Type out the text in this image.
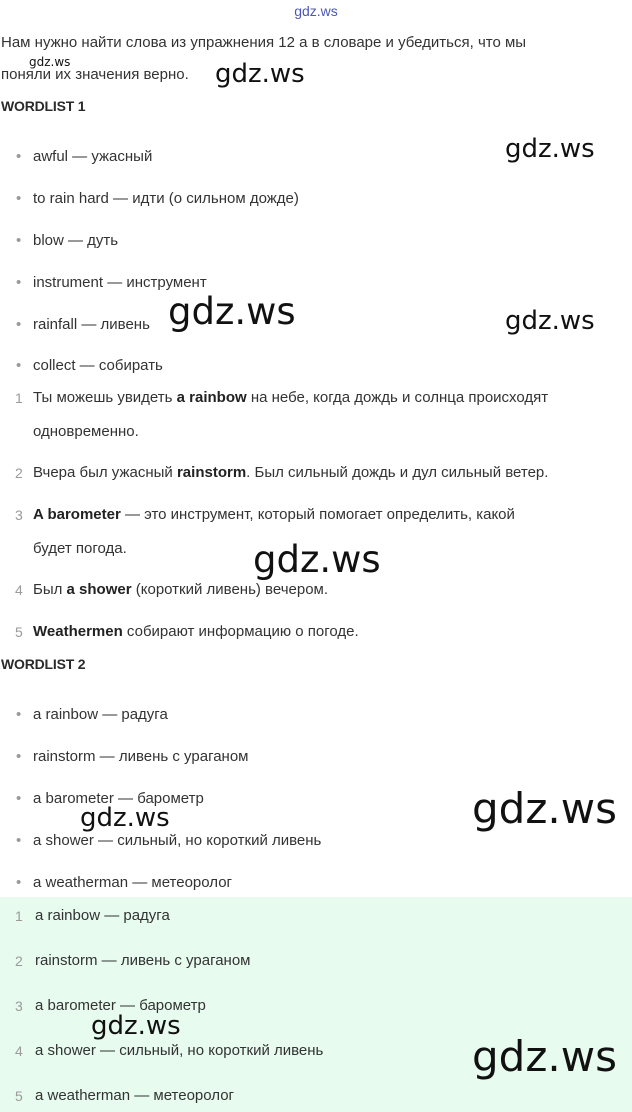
gdz.ws
Нам нужно найти слова из упражнения 12 а в словаре и убедиться, что мы
поняли их значения верно.
WORDLIST 1
• awful — ужасный
• to rain hard — идти (о сильном дожде)
• blow — дуть
• instrument — инструмент
• rainfall — ливень
• collect — собирать
1 Ты можешь увидеть a rainbow на небе, когда дождь и солнца происходят
одновременно.
2 Вчера был ужасный rainstorm. Был сильный дождь и дул сильный ветер.
3 A barometer — это инструмент, который помогает определить, какой
будет погода.
4 Был a shower (короткий ливень) вечером.
5 Weathermen собирают информацию о погоде.
WORDLIST 2
• a rainbow — радуга
• rainstorm — ливень с ураганом
• a barometer — барометр
• a shower — сильный, но короткий ливень
• a weatherman — метеоролог
1 a rainbow — радуга
2 rainstorm — ливень с ураганом
3 a barometer — барометр
4 a shower — сильный, но короткий ливень
5 a weatherman — метеоролог
gdz.ws	gdz.ws
gdz.ws
gdz.ws	gdz.ws
gdz.ws
gdz.ws
gdz.ws
gdz.ws
gdz.ws
